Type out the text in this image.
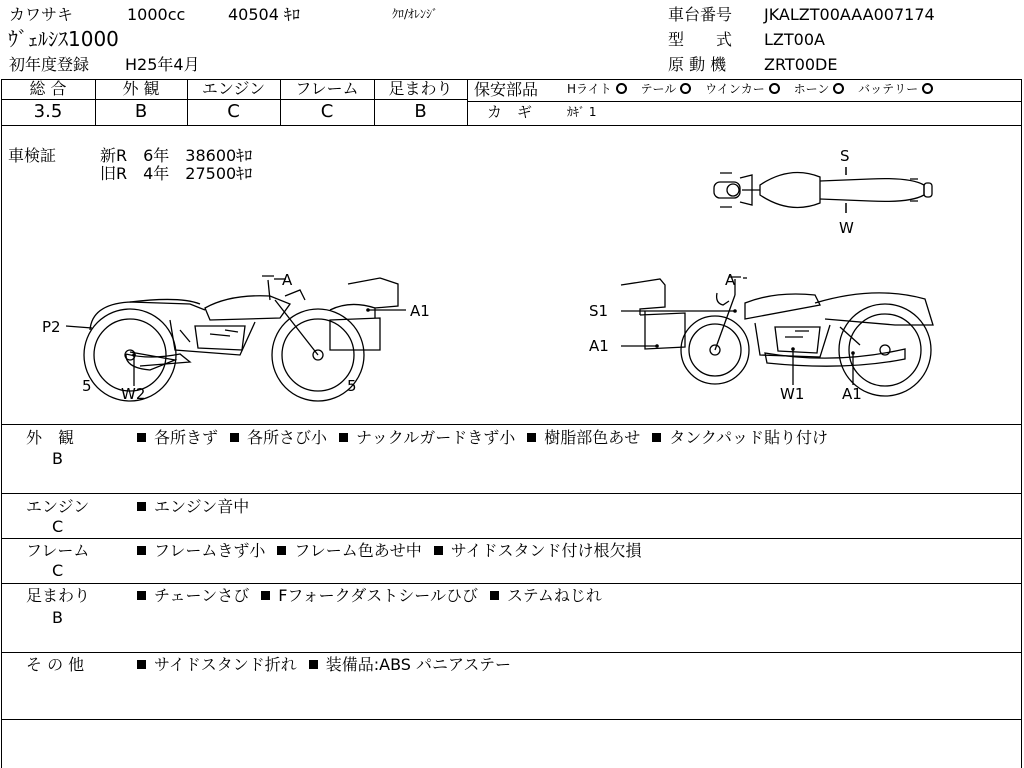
カワサキ	1000cc	40504 ｷﾛ	ｸﾛ/ｵﾚﾝｼﾞ
ｳﾞｪﾙｼｽ1000
初年度登録 H25年4月
車台番号 JKALZT00AAA007174
型　　式 LZT00A
原 動 機 ZRT00DE
総 合	外 観	エンジン	フレーム	足まわり
3.5	B	C	C	B
保安部品 Hライト テール ウインカー ホーン バッテリー
カ　ギ	ｶｷﾞ 1
車検証	新R　6年　38600ｷﾛ
旧R　4年　27500ｷﾛ
S
W
A
A1
P2
5 W2	5
A
S1
A1
W1	A1
外　観
B
各所きず 各所さび小 ナックルガードきず小 樹脂部色あせ タンクパッド貼り付け
エンジン
C
エンジン音中
フレーム
C
フレームきず小 フレーム色あせ中 サイドスタンド付け根欠損
足まわり
B
チェーンさび Fフォークダストシールひび ステムねじれ
そ の 他	サイドスタンド折れ 装備品:ABS パニアステー
